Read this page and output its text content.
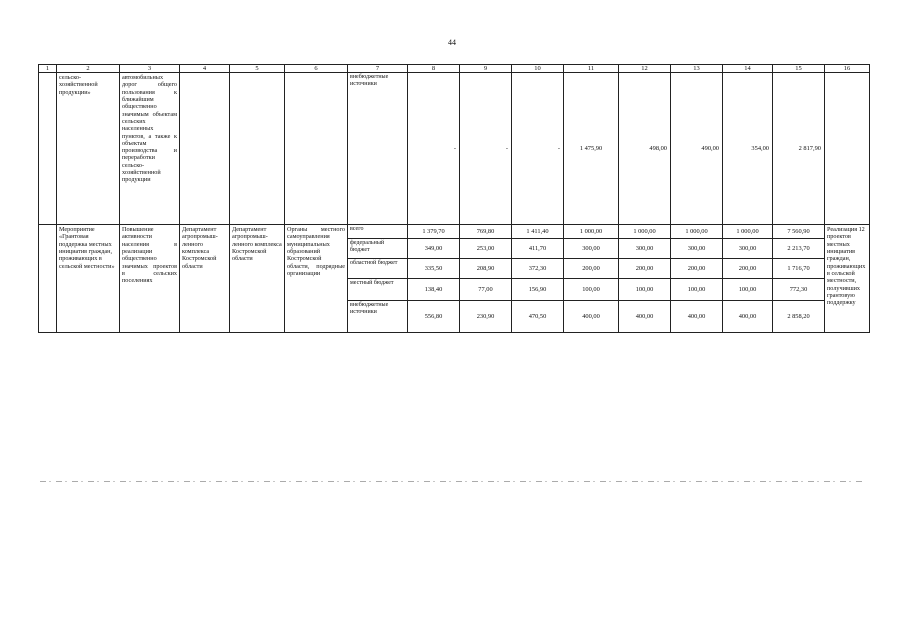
44
1	2	3	4	5	6	7	8	9	10	11	12	13	14	15	16
	сельско-хозяйственной продукции»	автомобильных дорог общего пользования к ближайшим общественно значимым объектам сельских населенных пунктов, а также к объектам производства и переработки сельско-хозяйственной продукции				внебюджетные источники	-	-	-	1 475,90	498,00	490,00	354,00	2 817,90	
	Мероприятие «Грантовая поддержка местных инициатив граждан, проживающих в сельской местности»	Повышение активности населения в реализации общественно значимых проектов в сельских поселениях	Департамент агропромыш-ленного комплекса Костромской области	Департамент агропромыш-ленного комплекса Костромской области	Органы местного самоуправления муниципальных образований Костромской области, подрядные организации	всего	1 379,70	769,80	1 411,40	1 000,00	1 000,00	1 000,00	1 000,00	7 560,90	Реализация 12 проектов местных инициатив граждан, проживающих в сельской местности, получивших грантовую поддержку
						федеральный бюджет	349,00	253,00	411,70	300,00	300,00	300,00	300,00	2 213,70	
						областной бюджет	335,50	208,90	372,30	200,00	200,00	200,00	200,00	1 716,70	
						местный бюджет	138,40	77,00	156,90	100,00	100,00	100,00	100,00	772,30	
						внебюджетные источники	556,80	230,90	470,50	400,00	400,00	400,00	400,00	2 858,20	
